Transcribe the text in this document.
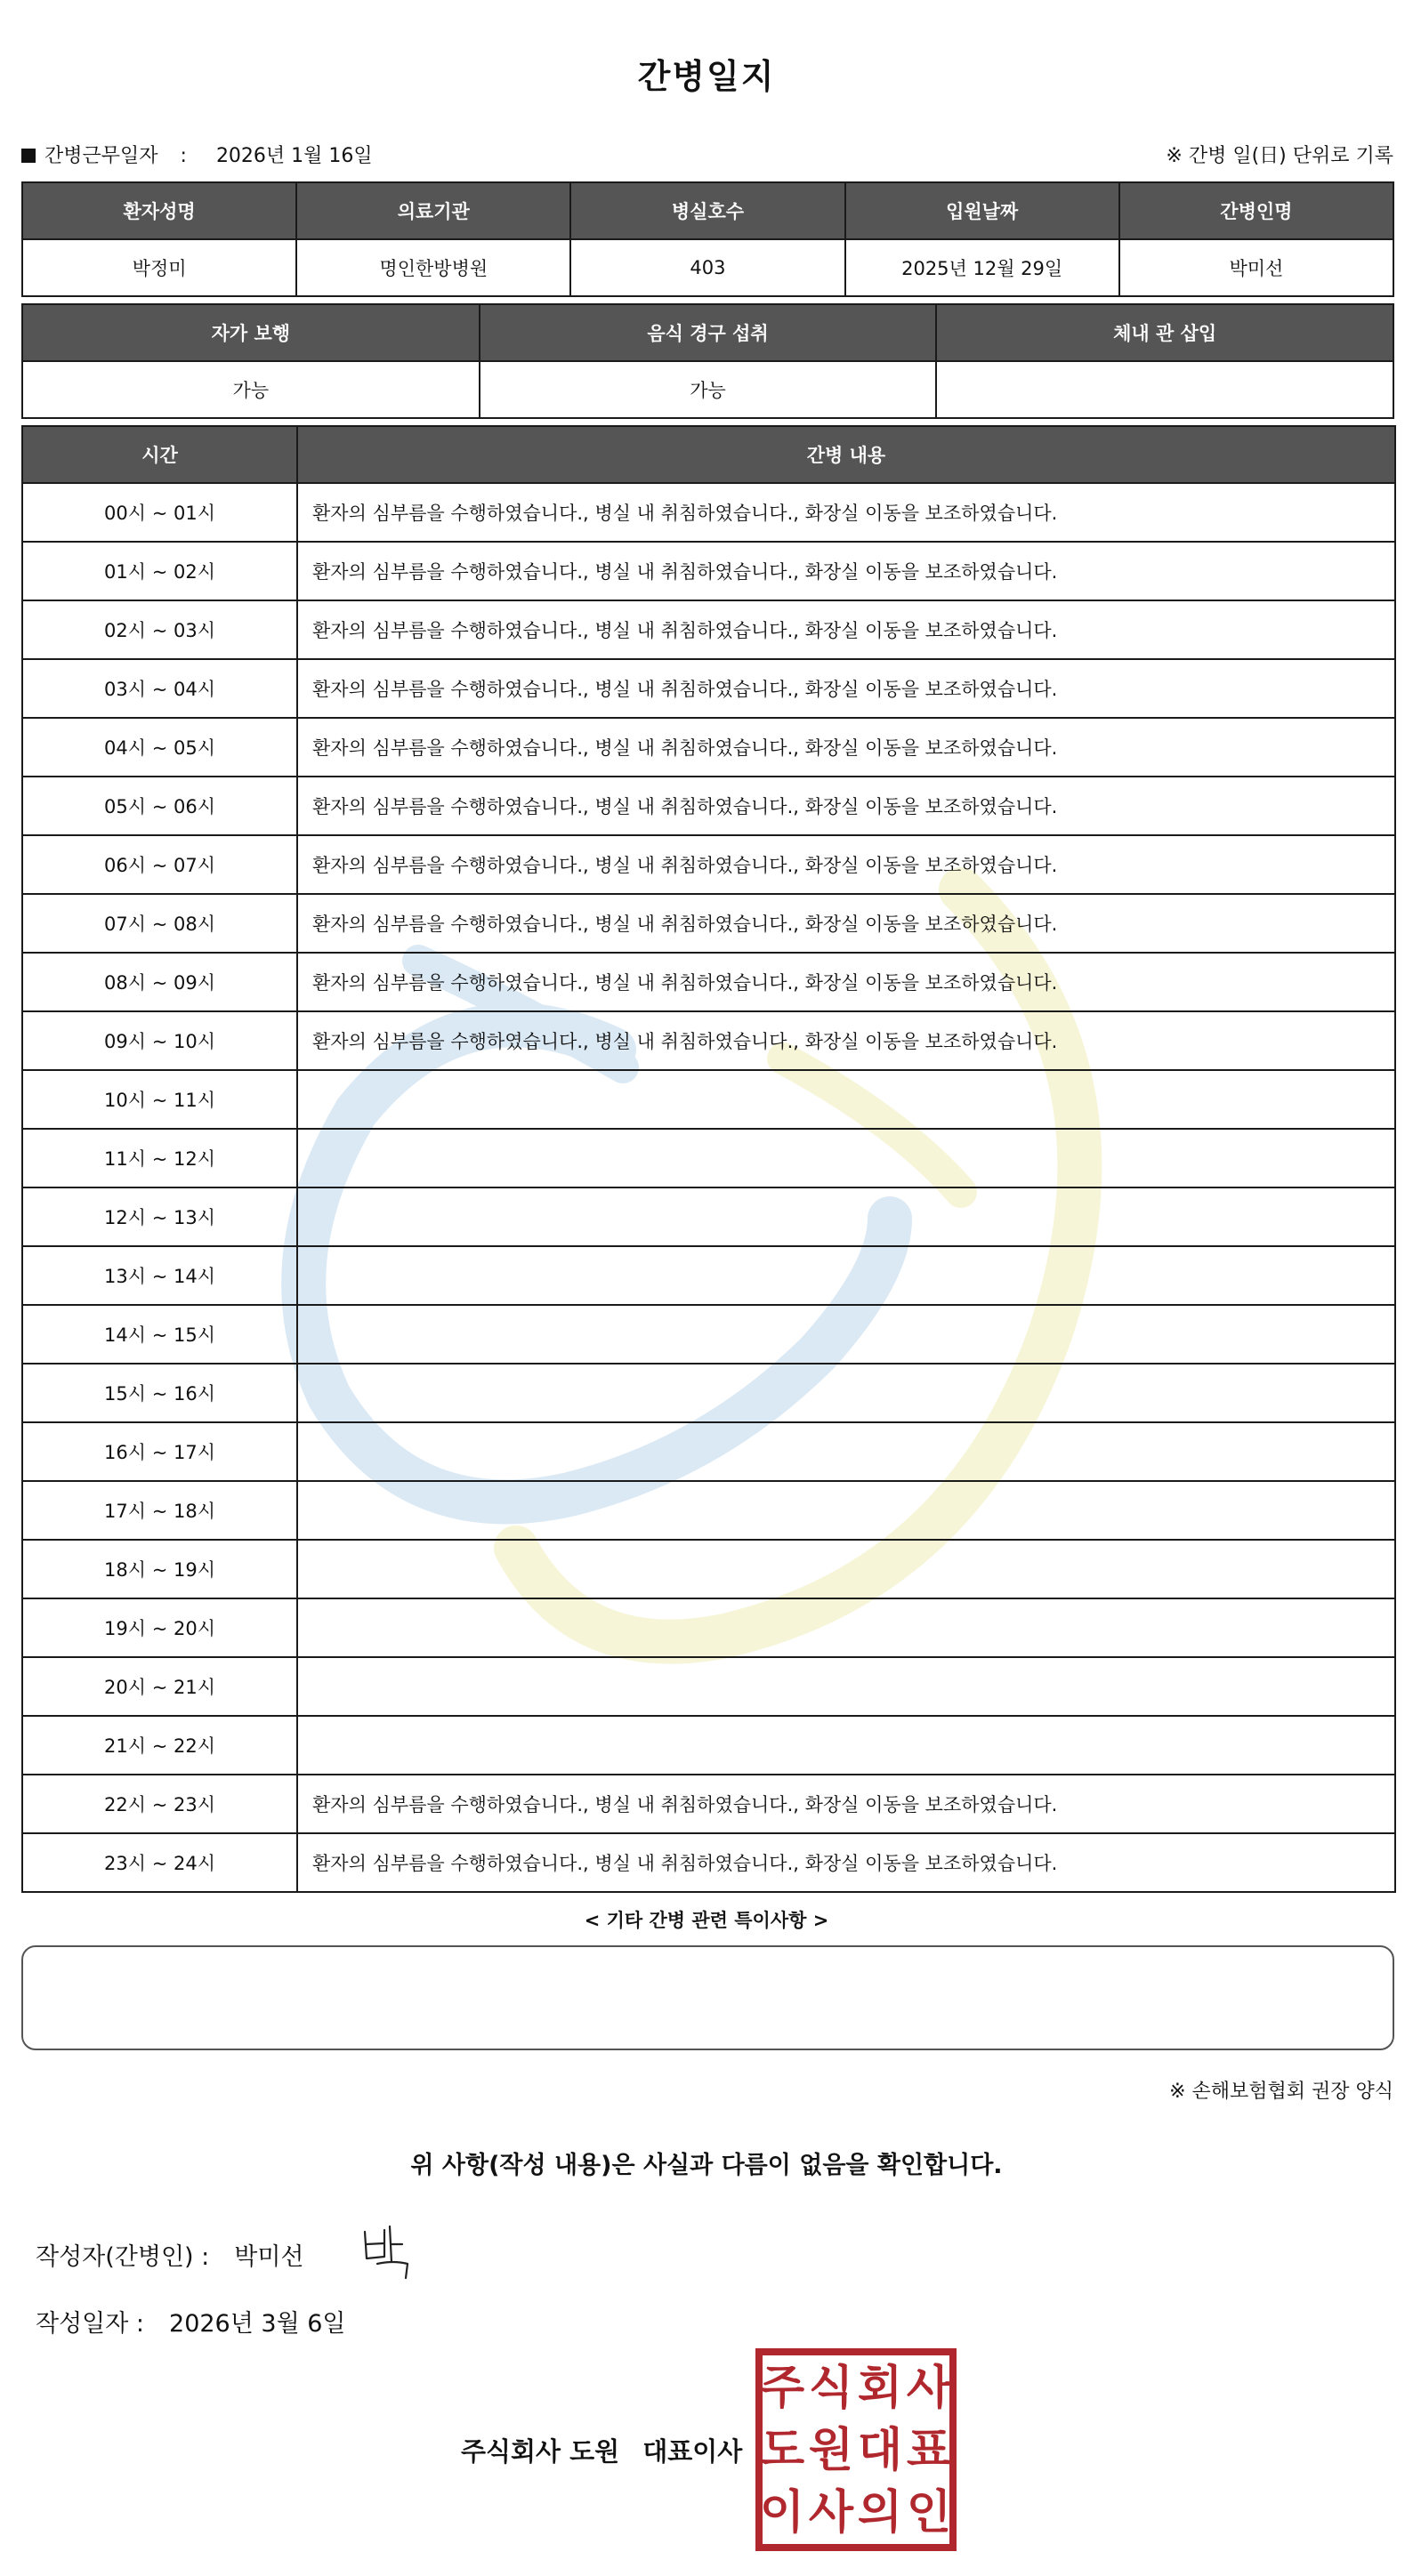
간병일지
간병근무일자 : 2026년 1월 16일	※ 간병 일(日) 단위로 기록
환자성명	의료기관	병실호수	입원날짜	간병인명
박정미	명인한방병원	403	2025년 12월 29일	박미선
자가 보행	음식 경구 섭취	체내 관 삽입
가능	가능	
시간	간병 내용
00시 ~ 01시	환자의 심부름을 수행하였습니다., 병실 내 취침하였습니다., 화장실 이동을 보조하였습니다.
01시 ~ 02시	환자의 심부름을 수행하였습니다., 병실 내 취침하였습니다., 화장실 이동을 보조하였습니다.
02시 ~ 03시	환자의 심부름을 수행하였습니다., 병실 내 취침하였습니다., 화장실 이동을 보조하였습니다.
03시 ~ 04시	환자의 심부름을 수행하였습니다., 병실 내 취침하였습니다., 화장실 이동을 보조하였습니다.
04시 ~ 05시	환자의 심부름을 수행하였습니다., 병실 내 취침하였습니다., 화장실 이동을 보조하였습니다.
05시 ~ 06시	환자의 심부름을 수행하였습니다., 병실 내 취침하였습니다., 화장실 이동을 보조하였습니다.
06시 ~ 07시	환자의 심부름을 수행하였습니다., 병실 내 취침하였습니다., 화장실 이동을 보조하였습니다.
07시 ~ 08시	환자의 심부름을 수행하였습니다., 병실 내 취침하였습니다., 화장실 이동을 보조하였습니다.
08시 ~ 09시	환자의 심부름을 수행하였습니다., 병실 내 취침하였습니다., 화장실 이동을 보조하였습니다.
09시 ~ 10시	환자의 심부름을 수행하였습니다., 병실 내 취침하였습니다., 화장실 이동을 보조하였습니다.
10시 ~ 11시	
11시 ~ 12시	
12시 ~ 13시	
13시 ~ 14시	
14시 ~ 15시	
15시 ~ 16시	
16시 ~ 17시	
17시 ~ 18시	
18시 ~ 19시	
19시 ~ 20시	
20시 ~ 21시	
21시 ~ 22시	
22시 ~ 23시	환자의 심부름을 수행하였습니다., 병실 내 취침하였습니다., 화장실 이동을 보조하였습니다.
23시 ~ 24시	환자의 심부름을 수행하였습니다., 병실 내 취침하였습니다., 화장실 이동을 보조하였습니다.
< 기타 간병 관련 특이사항 >
※ 손해보험협회 권장 양식
위 사항(작성 내용)은 사실과 다름이 없음을 확인합니다.
작성자(간병인) : 박미선
작성일자 : 2026년 3월 6일
주식회사 도원 대표이사
주 식 회 사
도 원 대 표
이 사 의 인
